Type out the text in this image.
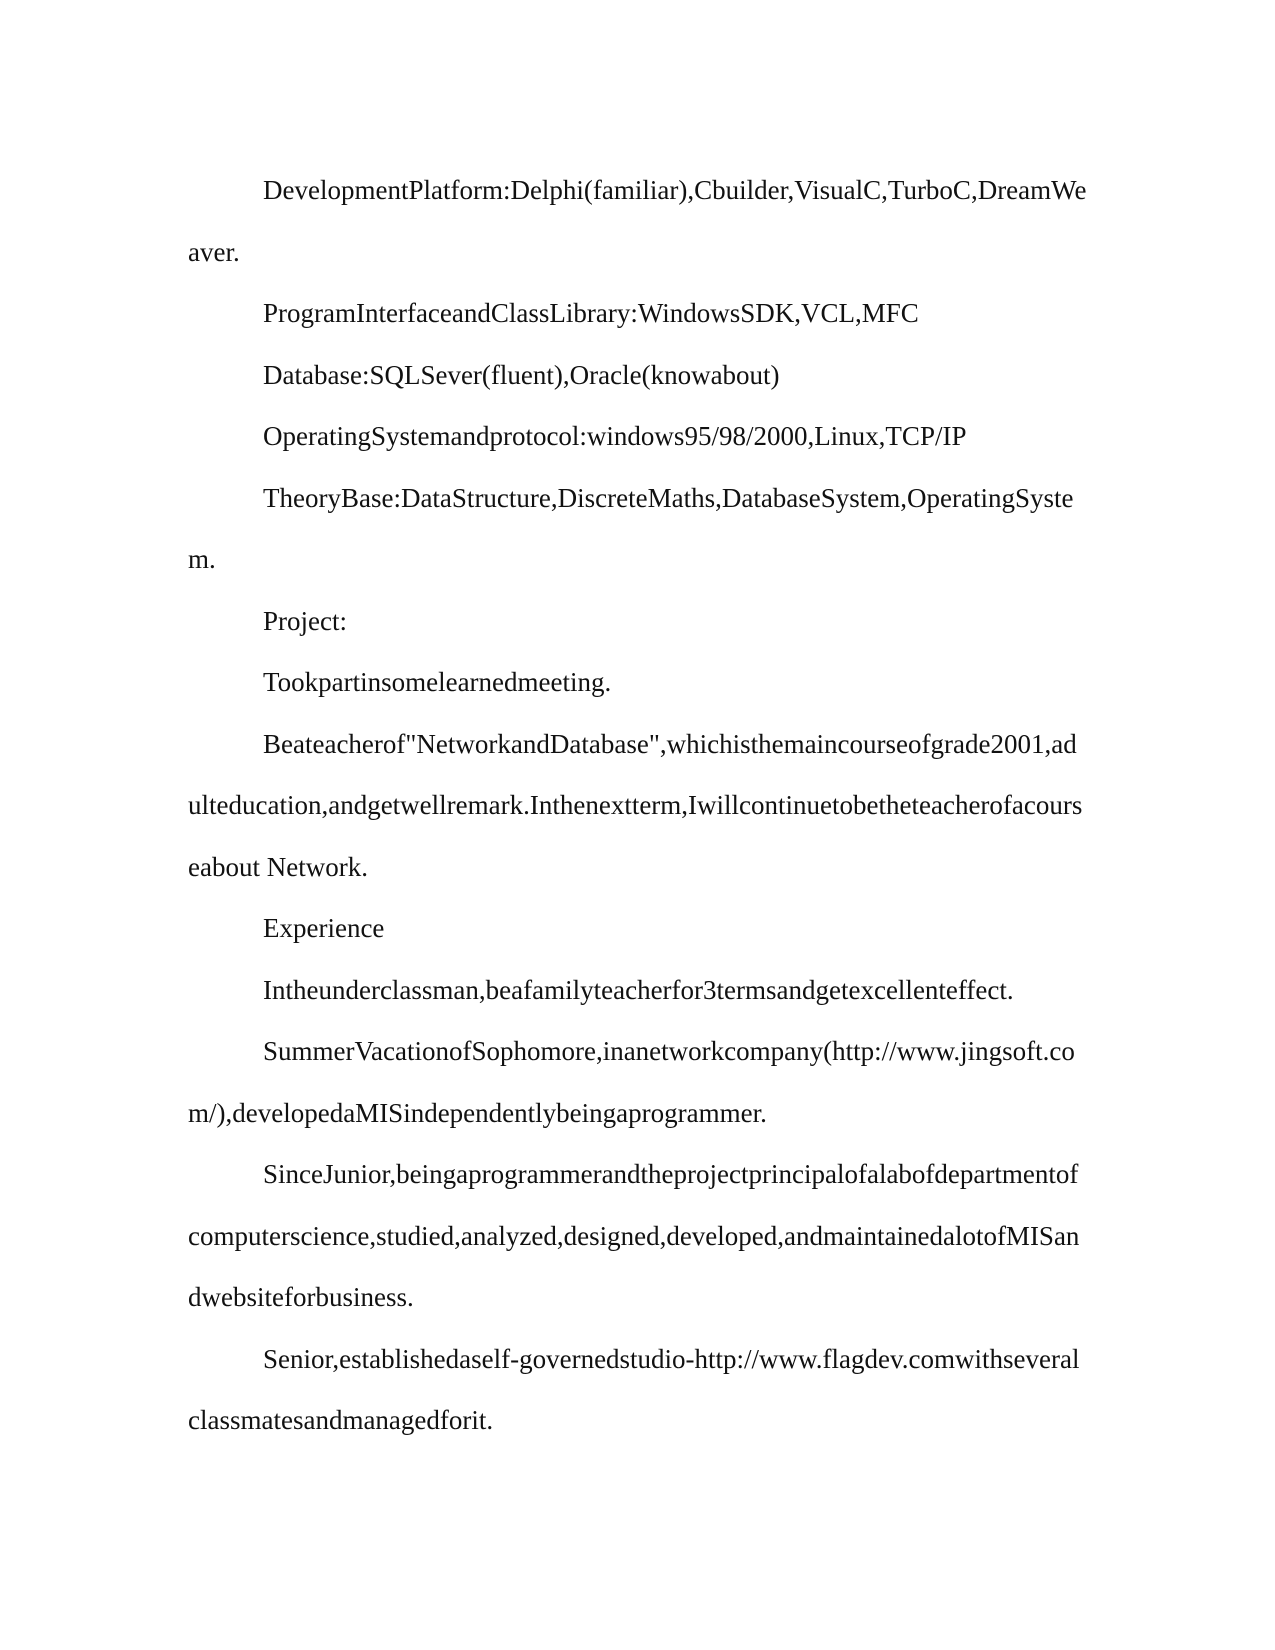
DevelopmentPlatform:Delphi(familiar),Cbuilder,VisualC,TurboC,DreamWeaver.

ProgramInterfaceandClassLibrary:WindowsSDK,VCL,MFC

Database:SQLSever(fluent),Oracle(knowabout)

OperatingSystemandprotocol:windows95/98/2000,Linux,TCP/IP

TheoryBase:DataStructure,DiscreteMaths,DatabaseSystem,OperatingSystem.

Project:

Tookpartinsomelearnedmeeting.

Beateacherof"NetworkandDatabase",whichisthemaincourseofgrade2001,adulteducation,andgetwellremark.Inthenextterm,Iwillcontinuetobetheteacherofacourseabout Network.

Experience

Intheunderclassman,beafamilyteacherfor3termsandgetexcellenteffect.

SummerVacationofSophomore,inanetworkcompany(http://www.jingsoft.com/),developedaMISindependentlybeingaprogrammer.

SinceJunior,beingaprogrammerandtheprojectprincipalofalabofdepartmentofcomputerscience,studied,analyzed,designed,developed,andmaintainedalotofMISandwebsiteforbusiness.

Senior,establishedaself-governedstudio-http://www.flagdev.comwithseveralclassmatesandmanagedforit.
